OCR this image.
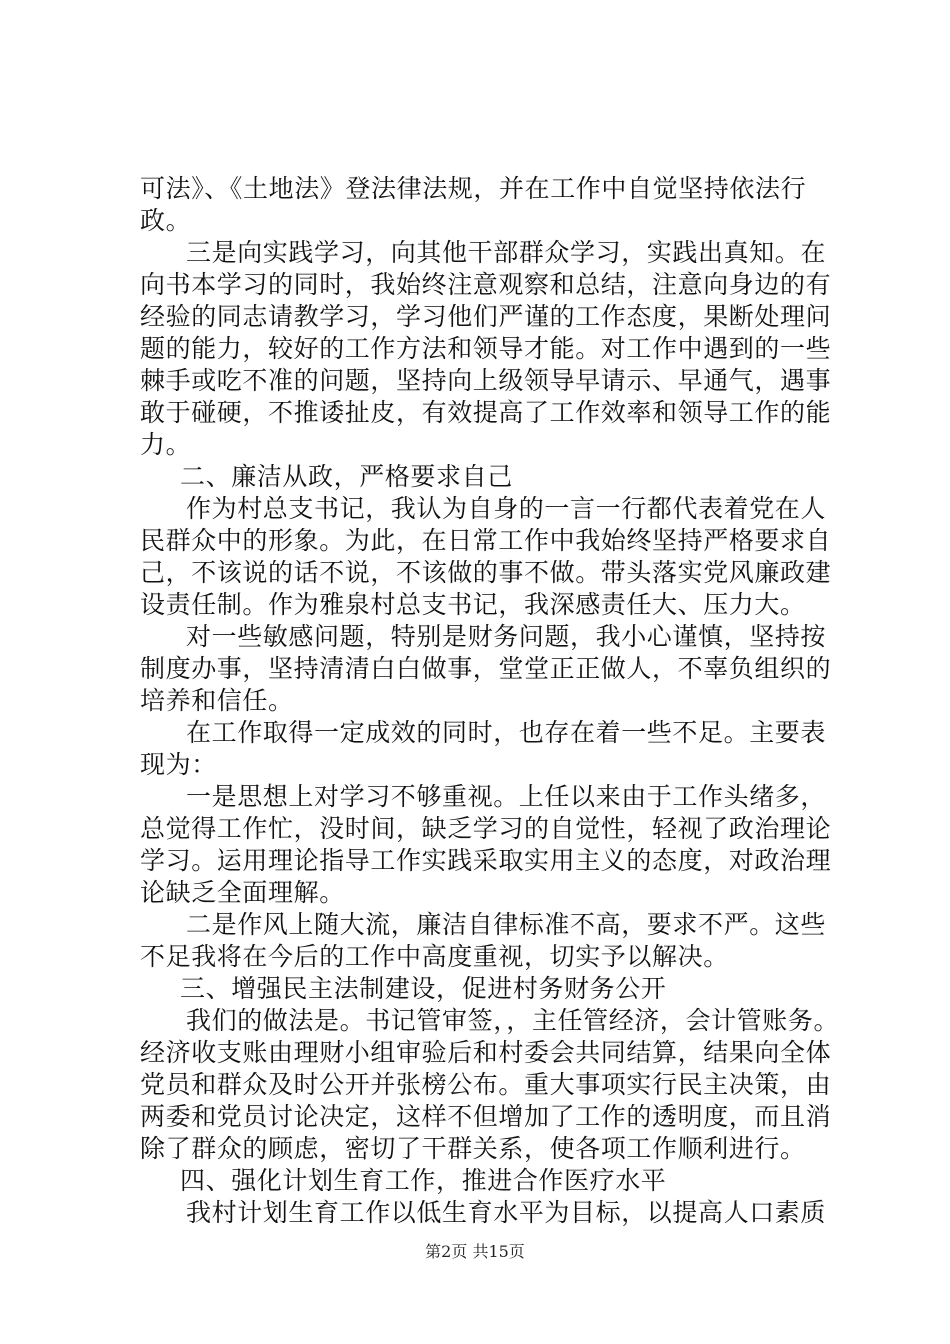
可法》、《土地法》登法律法规，并在工作中自觉坚持依法行
政。
三是向实践学习，向其他干部群众学习，实践出真知。在
向书本学习的同时，我始终注意观察和总结，注意向身边的有
经验的同志请教学习，学习他们严谨的工作态度，果断处理问
题的能力，较好的工作方法和领导才能。对工作中遇到的一些
棘手或吃不准的问题，坚持向上级领导早请示、早通气，遇事
敢于碰硬，不推诿扯皮，有效提高了工作效率和领导工作的能
力。
二、廉洁从政，严格要求自己
作为村总支书记，我认为自身的一言一行都代表着党在人
民群众中的形象。为此，在日常工作中我始终坚持严格要求自
己，不该说的话不说，不该做的事不做。带头落实党风廉政建
设责任制。作为雅泉村总支书记，我深感责任大、压力大。
对一些敏感问题，特别是财务问题，我小心谨慎，坚持按
制度办事，坚持清清白白做事，堂堂正正做人，不辜负组织的
培养和信任。
在工作取得一定成效的同时，也存在着一些不足。主要表
现为：
一是思想上对学习不够重视。上任以来由于工作头绪多，
总觉得工作忙，没时间，缺乏学习的自觉性，轻视了政治理论
学习。运用理论指导工作实践采取实用主义的态度，对政治理
论缺乏全面理解。
二是作风上随大流，廉洁自律标准不高，要求不严。这些
不足我将在今后的工作中高度重视，切实予以解决。
三、增强民主法制建设，促进村务财务公开
我们的做法是。书记管审签，，主任管经济，会计管账务。
经济收支账由理财小组审验后和村委会共同结算，结果向全体
党员和群众及时公开并张榜公布。重大事项实行民主决策，由
两委和党员讨论决定，这样不但增加了工作的透明度，而且消
除了群众的顾虑，密切了干群关系，使各项工作顺利进行。
四、强化计划生育工作，推进合作医疗水平
我村计划生育工作以低生育水平为目标，以提高人口素质
第2页 共15页
